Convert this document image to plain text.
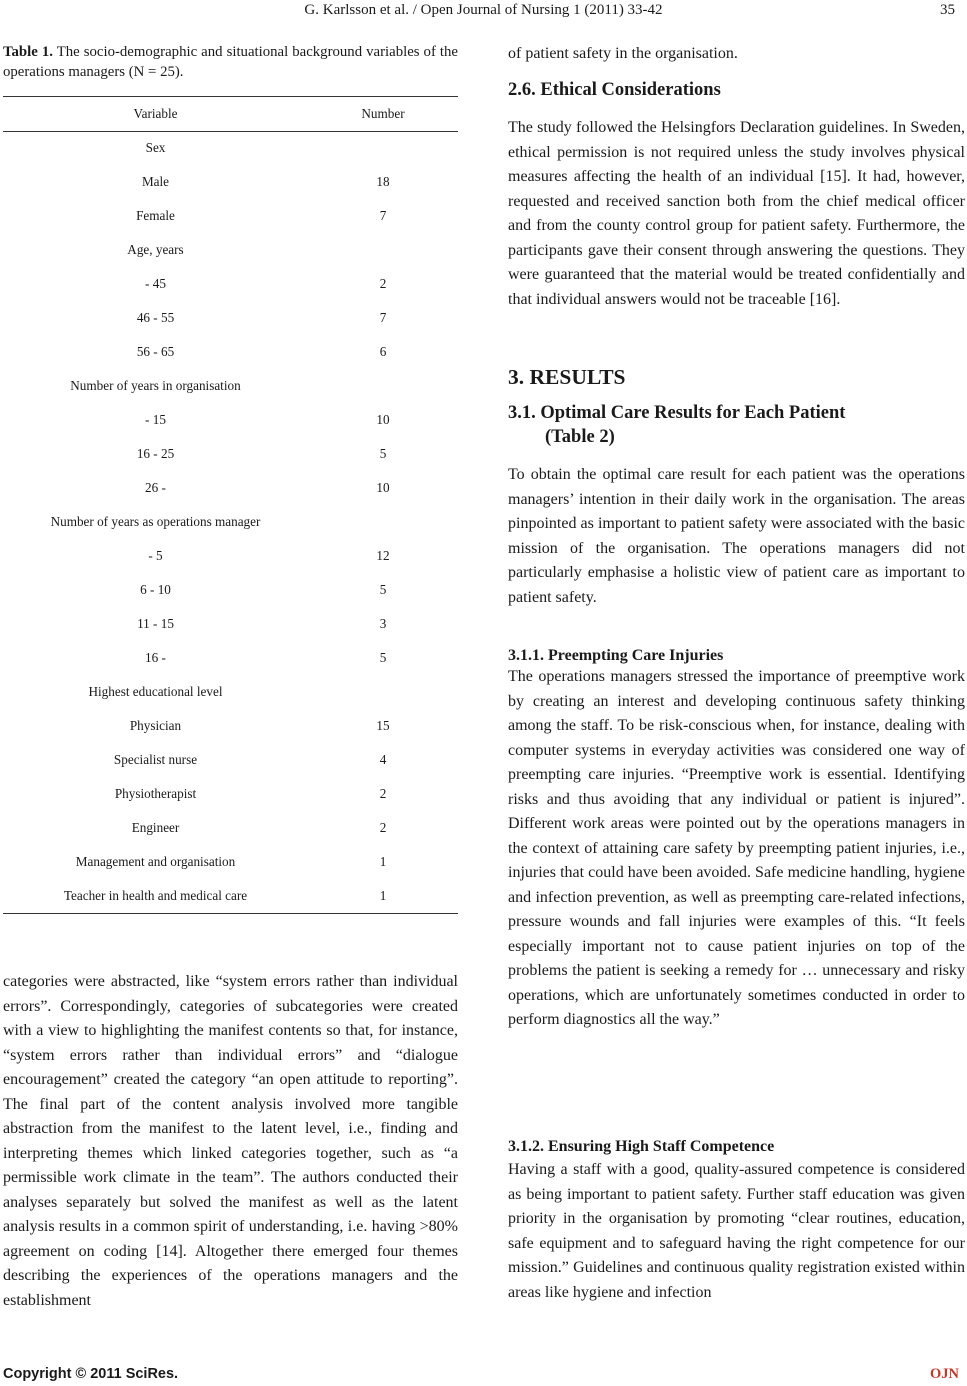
G. Karlsson et al. / Open Journal of Nursing 1 (2011) 33-42	35
Table 1. The socio-demographic and situational background variables of the operations managers (N = 25).
Variable	Number
Sex
Male	18
Female	7
Age, years
- 45	2
46 - 55	7
56 - 65	6
Number of years in organisation
- 15	10
16 - 25	5
26 -	10
Number of years as operations manager
- 5	12
6 - 10	5
11 - 15	3
16 -	5
Highest educational level
Physician	15
Specialist nurse	4
Physiotherapist	2
Engineer	2
Management and organisation	1
Teacher in health and medical care	1

categories were abstracted, like “system errors rather than individual errors”. Correspondingly, categories of subcategories were created with a view to highlighting the manifest contents so that, for instance, “system errors rather than individual errors” and “dialogue encouragement” created the category “an open attitude to reporting”. The final part of the content analysis involved more tangible abstraction from the manifest to the latent level, i.e., finding and interpreting themes which linked categories together, such as “a permissible work climate in the team”. The authors conducted their analyses separately but solved the manifest as well as the latent analysis results in a common spirit of understanding, i.e. having >80% agreement on coding [14]. Altogether there emerged four themes describing the experiences of the operations managers and the establishment

of patient safety in the organisation.

2.6. Ethical Considerations

The study followed the Helsingfors Declaration guidelines. In Sweden, ethical permission is not required unless the study involves physical measures affecting the health of an individual [15]. It had, however, requested and received sanction both from the chief medical officer and from the county control group for patient safety. Furthermore, the participants gave their consent through answering the questions. They were guaranteed that the material would be treated confidentially and that individual answers would not be traceable [16].

3. RESULTS

3.1. Optimal Care Results for Each Patient

(Table 2)

To obtain the optimal care result for each patient was the operations managers’ intention in their daily work in the organisation. The areas pinpointed as important to patient safety were associated with the basic mission of the organisation. The operations managers did not particularly emphasise a holistic view of patient care as important to patient safety.

3.1.1. Preempting Care Injuries

The operations managers stressed the importance of preemptive work by creating an interest and developing continuous safety thinking among the staff. To be risk-conscious when, for instance, dealing with computer systems in everyday activities was considered one way of preempting care injuries. “Preemptive work is essential. Identifying risks and thus avoiding that any individual or patient is injured”. Different work areas were pointed out by the operations managers in the context of attaining care safety by preempting patient injuries, i.e., injuries that could have been avoided. Safe medicine handling, hygiene and infection prevention, as well as preempting care-related infections, pressure wounds and fall injuries were examples of this. “It feels especially important not to cause patient injuries on top of the problems the patient is seeking a remedy for … unnecessary and risky operations, which are unfortunately sometimes conducted in order to perform diagnostics all the way.”

3.1.2. Ensuring High Staff Competence

Having a staff with a good, quality-assured competence is considered as being important to patient safety. Further staff education was given priority in the organisation by promoting “clear routines, education, safe equipment and to safeguard having the right competence for our mission.” Guidelines and continuous quality registration existed within areas like hygiene and infection

Copyright © 2011 SciRes.	OJN
